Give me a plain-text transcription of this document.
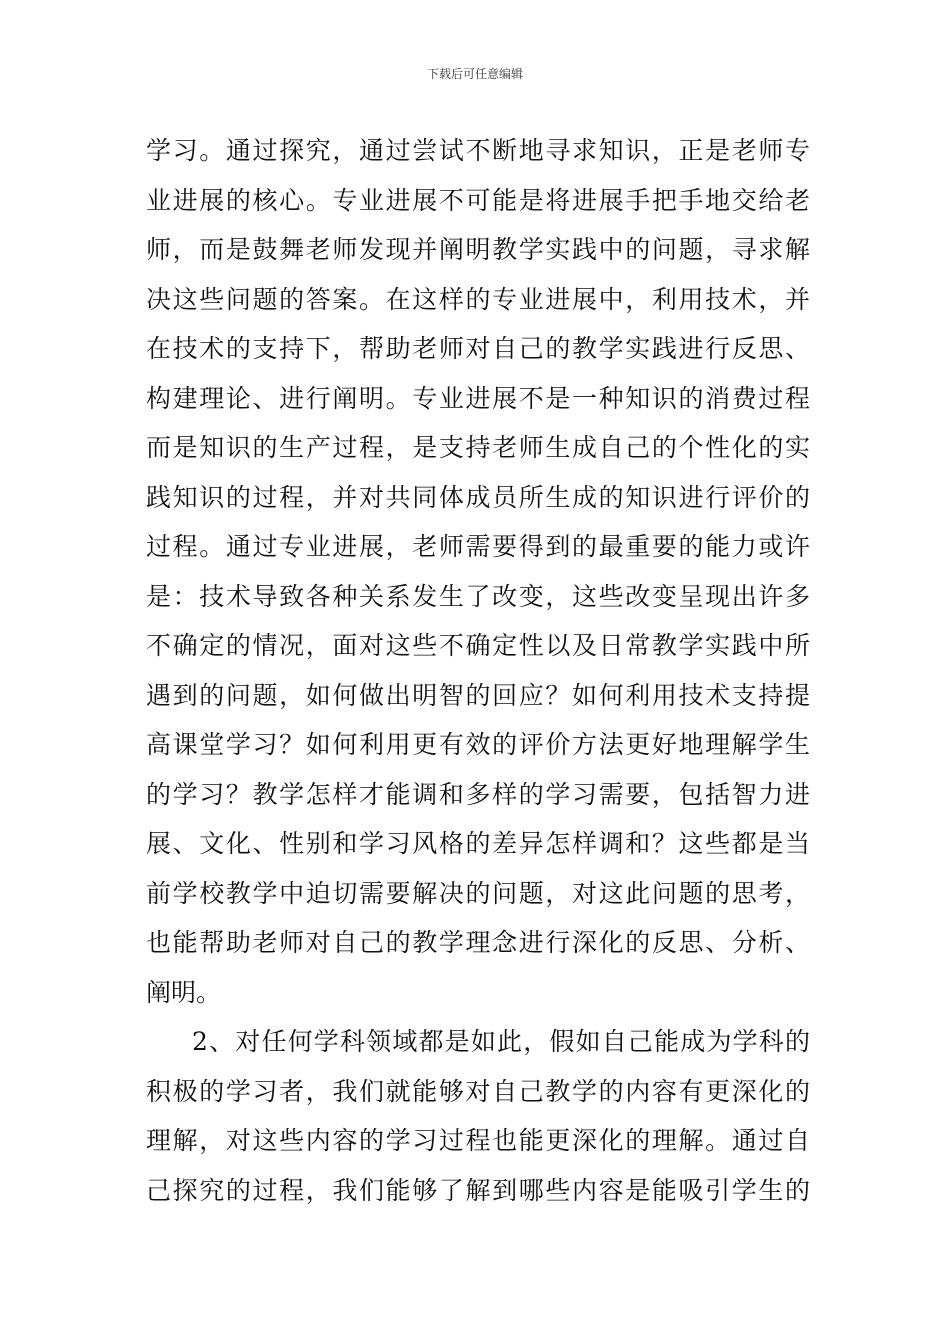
下载后可任意编辑
学习。通过探究，通过尝试不断地寻求知识，正是老师专
业进展的核心。专业进展不可能是将进展手把手地交给老
师，而是鼓舞老师发现并阐明教学实践中的问题，寻求解
决这些问题的答案。在这样的专业进展中，利用技术，并
在技术的支持下，帮助老师对自己的教学实践进行反思、
构建理论、进行阐明。专业进展不是一种知识的消费过程
而是知识的生产过程，是支持老师生成自己的个性化的实
践知识的过程，并对共同体成员所生成的知识进行评价的
过程。通过专业进展，老师需要得到的最重要的能力或许
是：技术导致各种关系发生了改变，这些改变呈现出许多
不确定的情况，面对这些不确定性以及日常教学实践中所
遇到的问题，如何做出明智的回应？如何利用技术支持提
高课堂学习？如何利用更有效的评价方法更好地理解学生
的学习？教学怎样才能调和多样的学习需要，包括智力进
展、文化、性别和学习风格的差异怎样调和？这些都是当
前学校教学中迫切需要解决的问题，对这此问题的思考，
也能帮助老师对自己的教学理念进行深化的反思、分析、
阐明。
2、对任何学科领域都是如此，假如自己能成为学科的
积极的学习者，我们就能够对自己教学的内容有更深化的
理解，对这些内容的学习过程也能更深化的理解。通过自
己探究的过程，我们能够了解到哪些内容是能吸引学生的
